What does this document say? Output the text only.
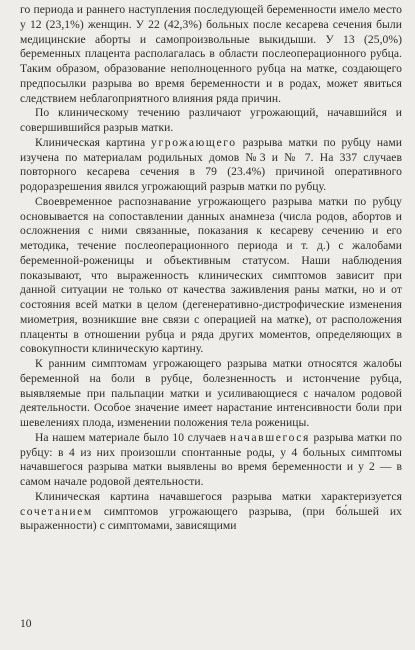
го периода и раннего наступления последующей беременности имело место у 12 (23,1%) женщин. У 22 (42,3%) больных после кесарева сечения были медицинские аборты и самопроизвольные выкидыши. У 13 (25,0%) беременных плацента располагалась в области послеоперационного рубца. Таким образом, образование неполноценного рубца на матке, создающего предпосылки разрыва во время беременности и в родах, может явиться следствием неблагоприятного влияния ряда причин.

По клиническому течению различают угрожающий, начавшийся и совершившийся разрыв матки.

Клиническая картина угрожающего разрыва матки по рубцу нами изучена по материалам родильных домов №3 и № 7. На 337 случаев повторного кесарева сечения в 79 (23.4%) причиной оперативного родоразрешения явился угрожающий разрыв матки по рубцу.

Своевременное распознавание угрожающего разрыва матки по рубцу основывается на сопоставлении данных анамнеза (числа родов, абортов и осложнения с ними связанные, показания к кесареву сечению и его методика, течение послеоперационного периода и т. д.) с жалобами беременной-роженицы и объективным статусом. Наши наблюдения показывают, что выраженность клинических симптомов зависит при данной ситуации не только от качества заживления раны матки, но и от состояния всей матки в целом (дегенеративно-дистрофические изменения миометрия, возникшие вне связи с операцией на матке), от расположения плаценты в отношении рубца и ряда других моментов, определяющих в совокупности клиническую картину.

К ранним симптомам угрожающего разрыва матки относятся жалобы беременной на боли в рубце, болезненность и истончение рубца, выявляемые при пальпации матки и усиливающиеся с началом родовой деятельности. Особое значение имеет нарастание интенсивности боли при шевелениях плода, изменении положения тела роженицы.

На нашем материале было 10 случаев начавшегося разрыва матки по рубцу: в 4 из них произошли спонтанные роды, у 4 больных симптомы начавшегося разрыва матки выявлены во время беременности и у 2 — в самом начале родовой деятельности.

Клиническая картина начавшегося разрыва матки характеризуется сочетанием симптомов угрожающего разрыва, (при бо́льшей их выраженности) с симптомами, зависящими

10
